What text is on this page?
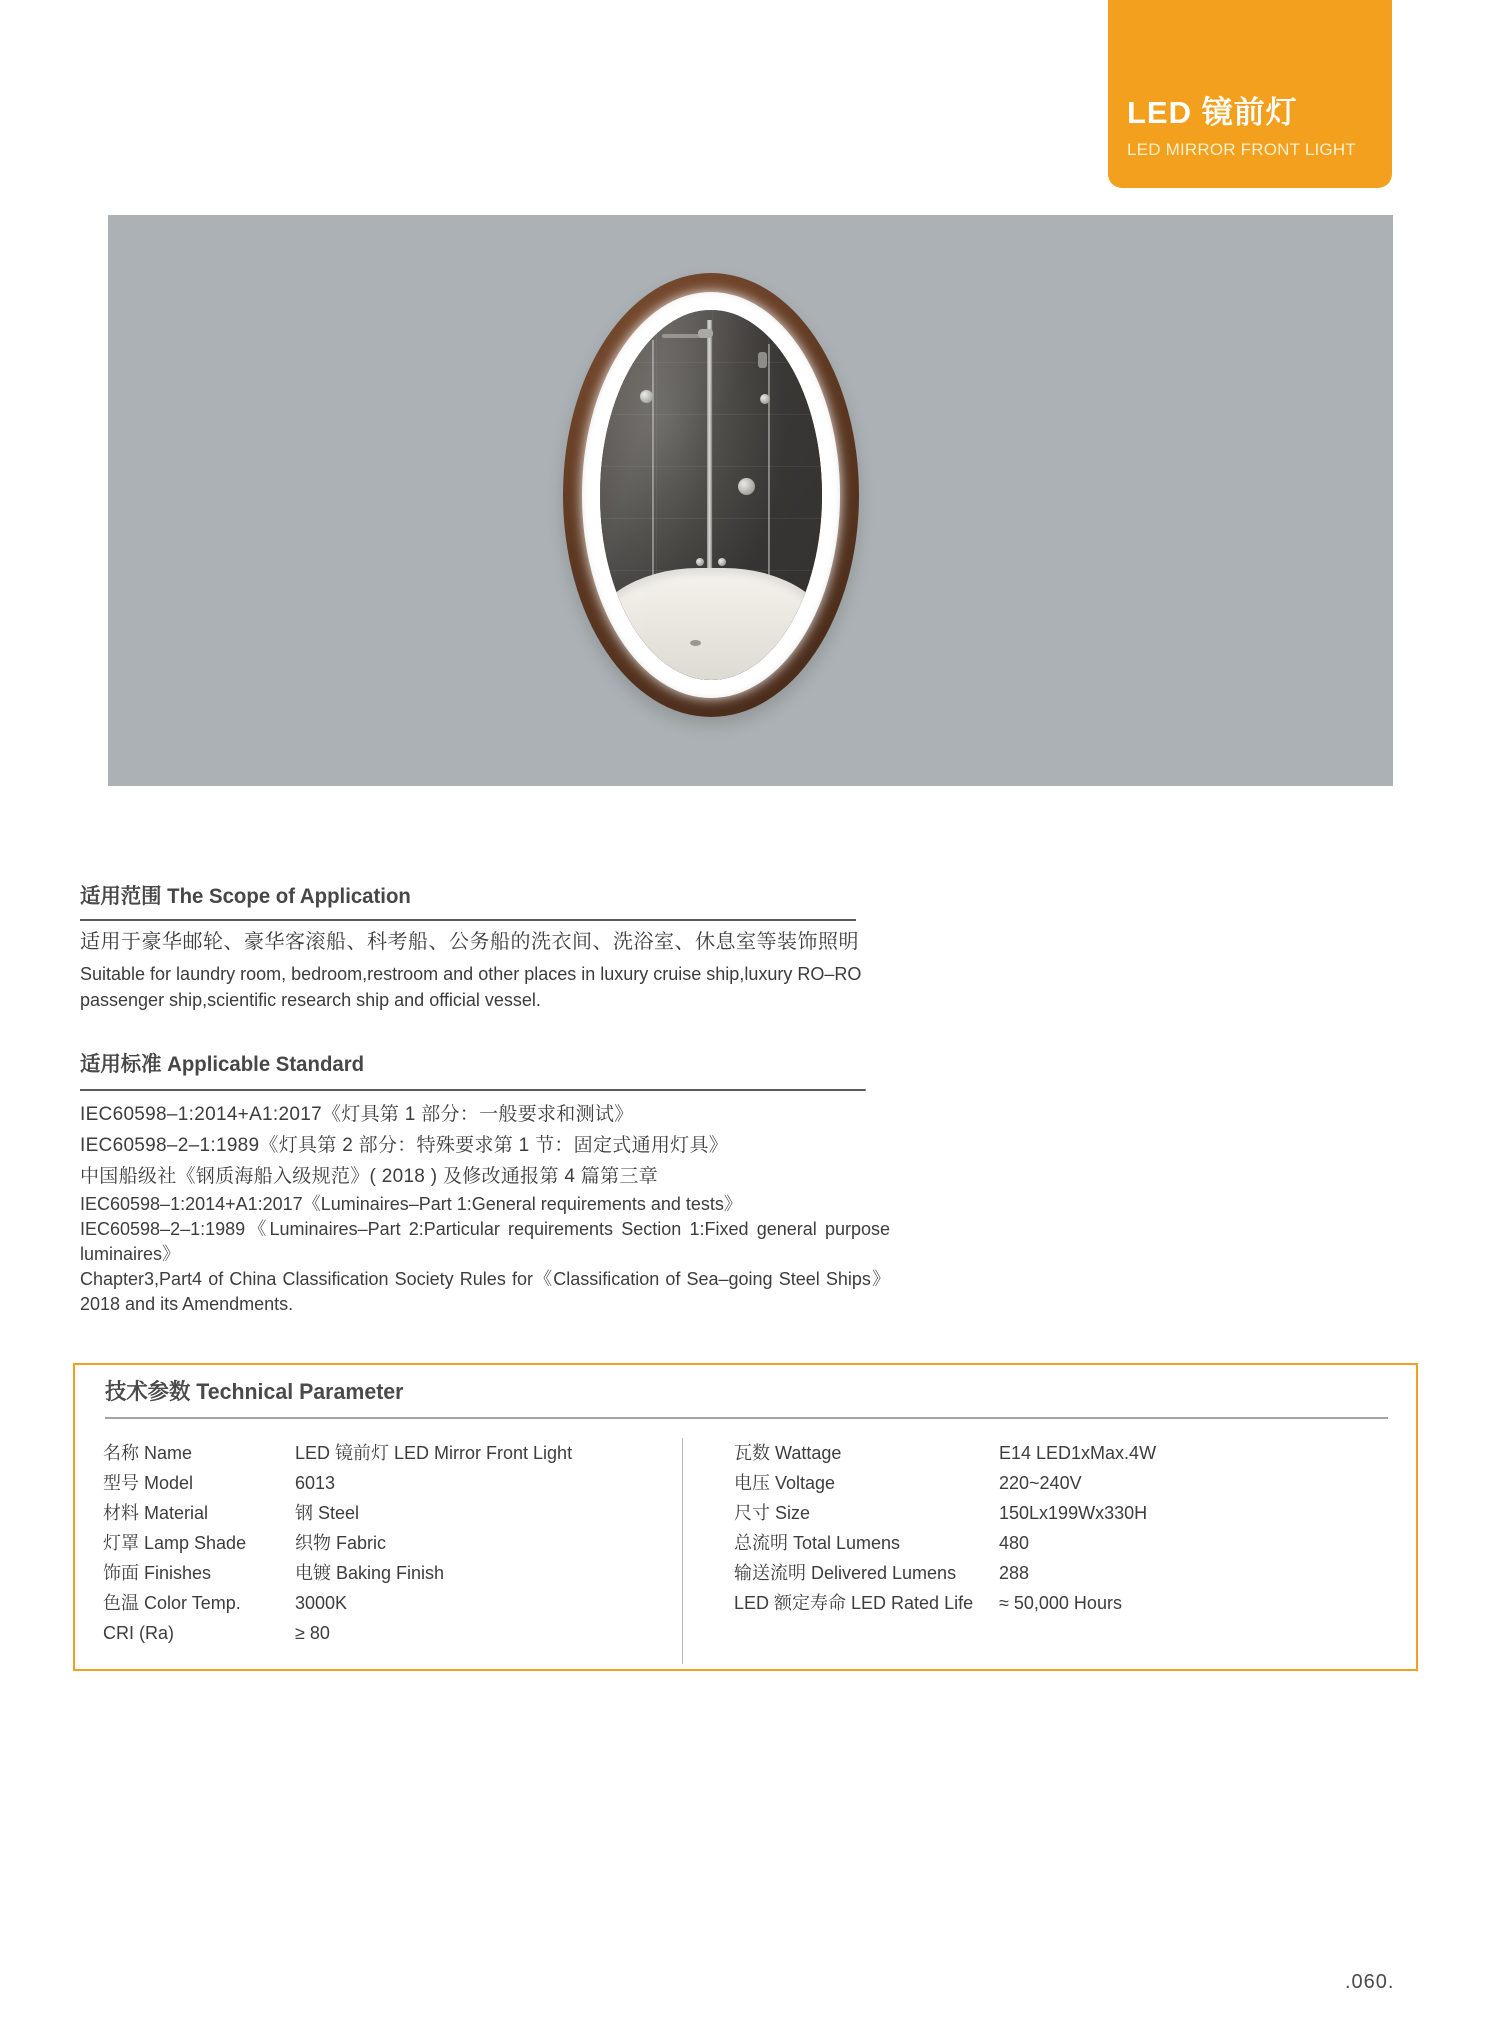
LED 镜前灯
LED MIRROR FRONT LIGHT
适用范围 The Scope of Application
适用于豪华邮轮、豪华客滚船、科考船、公务船的洗衣间、洗浴室、休息室等装饰照明
Suitable for laundry room, bedroom,restroom and other places in luxury cruise ship,luxury RO–RO passenger ship,scientific research ship and official vessel.
适用标准 Applicable Standard
IEC60598–1:2014+A1:2017《灯具第 1 部分：一般要求和测试》
IEC60598–2–1:1989《灯具第 2 部分：特殊要求第 1 节：固定式通用灯具》
中国船级社《钢质海船入级规范》( 2018 ) 及修改通报第 4 篇第三章

IEC60598–1:2014+A1:2017《Luminaires–Part 1:General requirements and tests》

IEC60598–2–1:1989《Luminaires–Part 2:Particular requirements Section 1:Fixed general purpose luminaires》

Chapter3,Part4 of China Classification Society Rules for《Classification of Sea–going Steel Ships》2018 and its Amendments.

技术参数 Technical Parameter
名称 Name	LED 镜前灯 LED Mirror Front Light
型号 Model	6013
材料 Material	钢 Steel
灯罩 Lamp Shade	织物 Fabric
饰面 Finishes	电镀 Baking Finish
色温 Color Temp.	3000K
CRI (Ra)	≥ 80
瓦数 Wattage	E14 LED1xMax.4W
电压 Voltage	220~240V
尺寸 Size	150Lx199Wx330H
总流明 Total Lumens	480
输送流明 Delivered Lumens	288
LED 额定寿命 LED Rated Life	≈ 50,000 Hours
.060.
